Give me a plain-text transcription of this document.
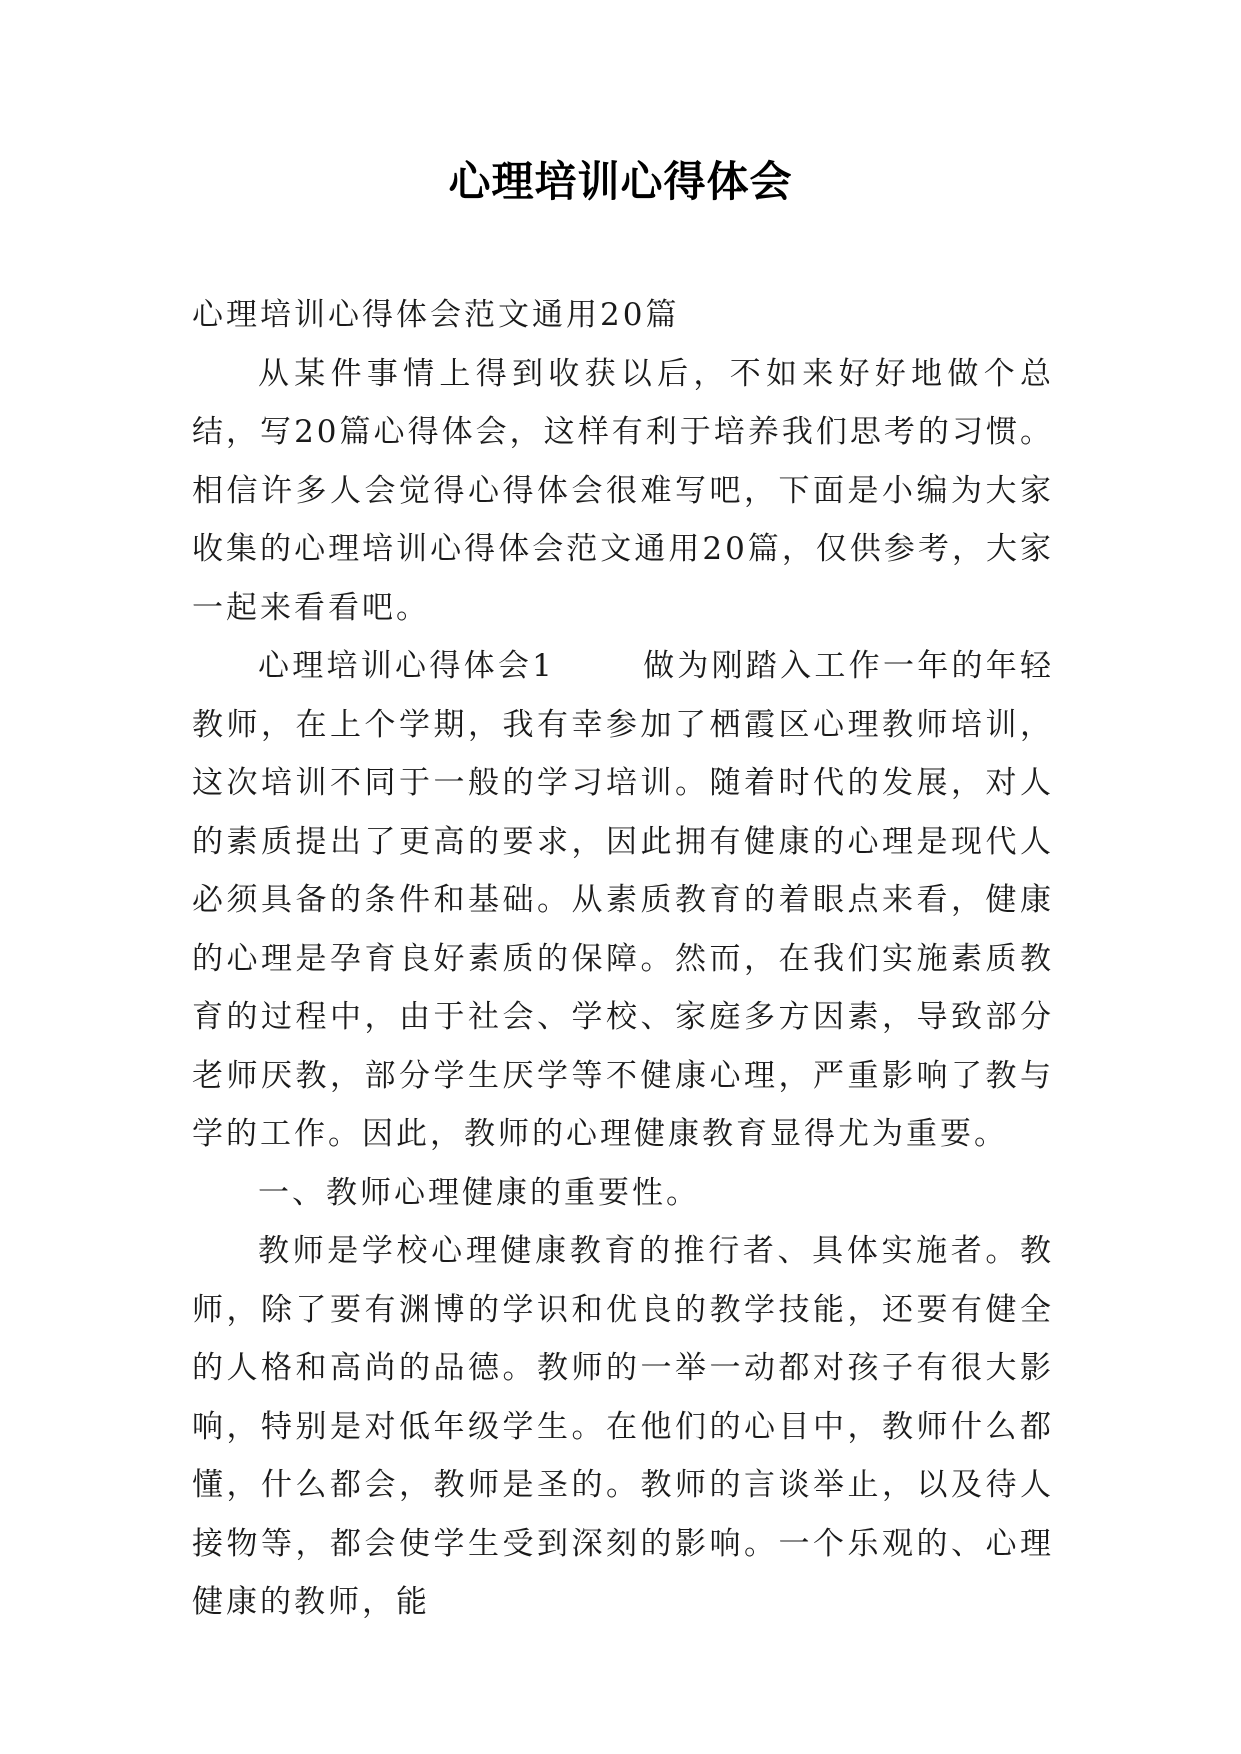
心理培训心得体会

心理培训心得体会范文通用20篇

从某件事情上得到收获以后，不如来好好地做个总结，写20篇心得体会，这样有利于培养我们思考的习惯。相信许多人会觉得心得体会很难写吧，下面是小编为大家收集的心理培训心得体会范文通用20篇，仅供参考，大家一起来看看吧。

心理培训心得体会1	做为刚踏入工作一年的年轻教师，在上个学期，我有幸参加了栖霞区心理教师培训，这次培训不同于一般的学习培训。随着时代的发展，对人的素质提出了更高的要求，因此拥有健康的心理是现代人必须具备的条件和基础。从素质教育的着眼点来看，健康的心理是孕育良好素质的保障。然而，在我们实施素质教育的过程中，由于社会、学校、家庭多方因素，导致部分老师厌教，部分学生厌学等不健康心理，严重影响了教与学的工作。因此，教师的心理健康教育显得尤为重要。

一、教师心理健康的重要性。

教师是学校心理健康教育的推行者、具体实施者。教师，除了要有渊博的学识和优良的教学技能，还要有健全的人格和高尚的品德。教师的一举一动都对孩子有很大影响，特别是对低年级学生。在他们的心目中，教师什么都懂，什么都会，教师是圣的。教师的言谈举止，以及待人接物等，都会使学生受到深刻的影响。一个乐观的、心理健康的教师，能
